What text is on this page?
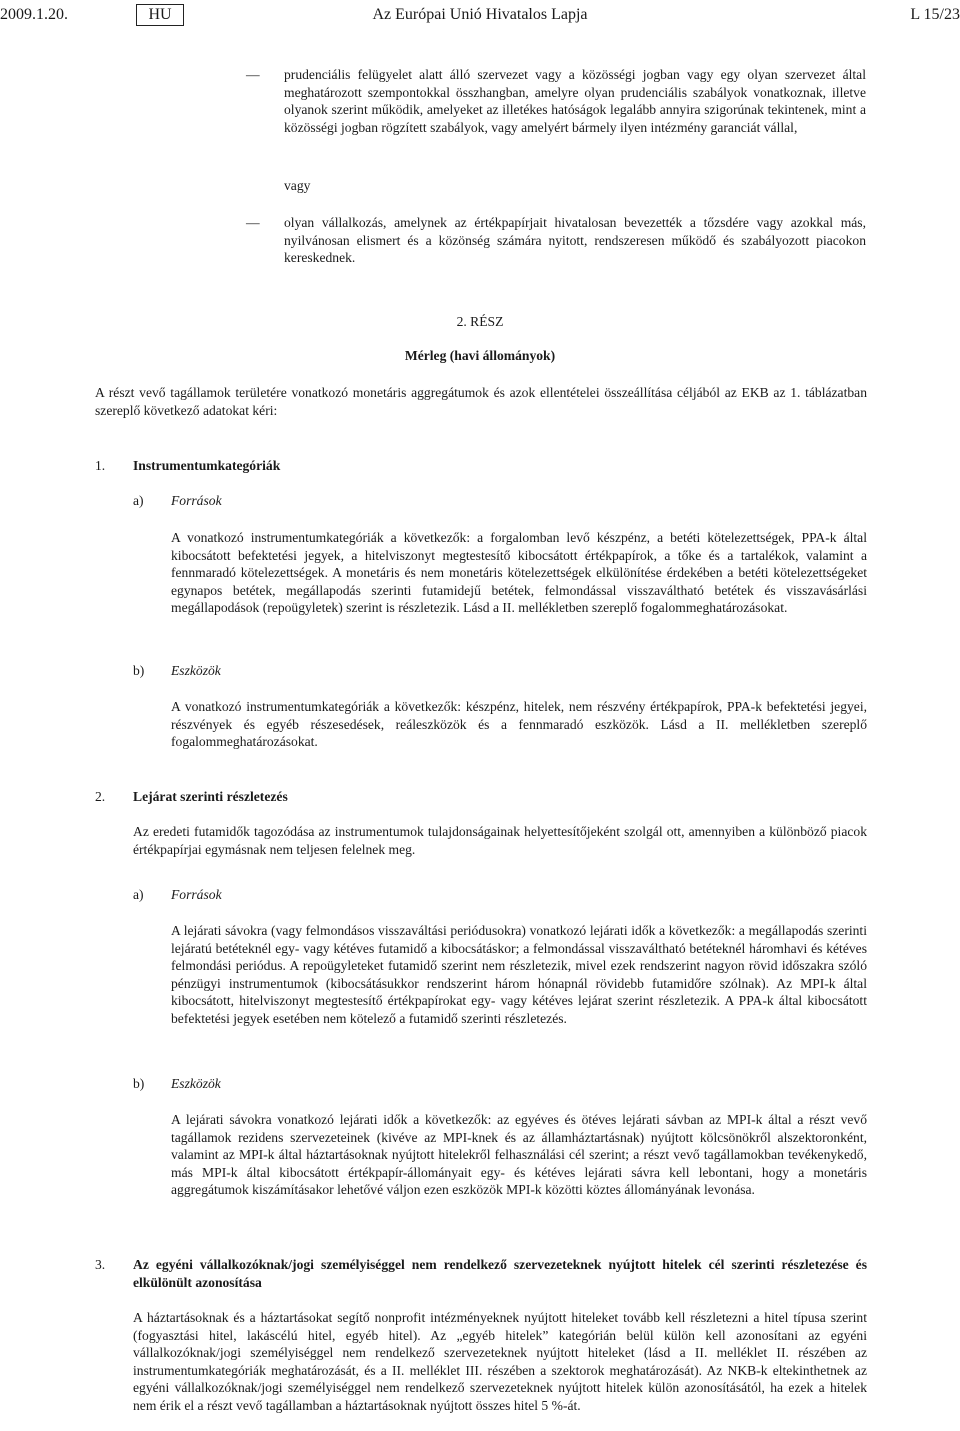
2009.1.20.	HU	Az Európai Unió Hivatalos Lapja	L 15/23
— prudenciális felügyelet alatt álló szervezet vagy a közösségi jogban vagy egy olyan szervezet által meghatározott szempontokkal összhangban, amelyre olyan prudenciális szabályok vonatkoznak, illetve olyanok szerint működik, amelyeket az illetékes hatóságok legalább annyira szigorúnak tekintenek, mint a közösségi jogban rögzített szabályok, vagy amelyért bármely ilyen intézmény garanciát vállal,

vagy
— olyan vállalkozás, amelynek az értékpapírjait hivatalosan bevezették a tőzsdére vagy azokkal más, nyilvánosan elismert és a közönség számára nyitott, rendszeresen működő és szabályozott piacokon kereskednek.

2. RÉSZ
Mérleg (havi állományok)
A részt vevő tagállamok területére vonatkozó monetáris aggregátumok és azok ellentételei összeállítása céljából az EKB az 1. táblázatban szereplő következő adatokat kéri:
1. Instrumentumkategóriák
a) Források
A vonatkozó instrumentumkategóriák a következők: a forgalomban levő készpénz, a betéti kötelezettségek, PPA-k által kibocsátott befektetési jegyek, a hitelviszonyt megtestesítő kibocsátott értékpapírok, a tőke és a tartalékok, valamint a fennmaradó kötelezettségek. A monetáris és nem monetáris kötelezettségek elkülönítése érdekében a betéti kötelezettségeket egynapos betétek, megállapodás szerinti futamidejű betétek, felmondással visszaváltható betétek és visszavásárlási megállapodások (repoügyletek) szerint is részletezik. Lásd a II. mellékletben szereplő fogalommeghatározásokat.
b) Eszközök
A vonatkozó instrumentumkategóriák a következők: készpénz, hitelek, nem részvény értékpapírok, PPA-k befektetési jegyei, részvények és egyéb részesedések, reáleszközök és a fennmaradó eszközök. Lásd a II. mellékletben szereplő fogalommeghatározásokat.
2. Lejárat szerinti részletezés
Az eredeti futamidők tagozódása az instrumentumok tulajdonságainak helyettesítőjeként szolgál ott, amennyiben a különböző piacok értékpapírjai egymásnak nem teljesen felelnek meg.
a) Források
A lejárati sávokra (vagy felmondásos visszaváltási periódusokra) vonatkozó lejárati idők a következők: a megállapodás szerinti lejáratú betéteknél egy- vagy kétéves futamidő a kibocsátáskor; a felmondással visszaváltható betéteknél háromhavi és kétéves felmondási periódus. A repoügyleteket futamidő szerint nem részletezik, mivel ezek rendszerint nagyon rövid időszakra szóló pénzügyi instrumentumok (kibocsátásukkor rendszerint három hónapnál rövidebb futamidőre szólnak). Az MPI-k által kibocsátott, hitelviszonyt megtestesítő értékpapírokat egy- vagy kétéves lejárat szerint részletezik. A PPA-k által kibocsátott befektetési jegyek esetében nem kötelező a futamidő szerinti részletezés.
b) Eszközök
A lejárati sávokra vonatkozó lejárati idők a következők: az egyéves és ötéves lejárati sávban az MPI-k által a részt vevő tagállamok rezidens szervezeteinek (kivéve az MPI-knek és az államháztartásnak) nyújtott kölcsönökről alszektoronként, valamint az MPI-k által háztartásoknak nyújtott hitelekről felhasználási cél szerint; a részt vevő tagállamokban tevékenykedő, más MPI-k által kibocsátott értékpapír-állományait egy- és kétéves lejárati sávra kell lebontani, hogy a monetáris aggregátumok kiszámításakor lehetővé váljon ezen eszközök MPI-k közötti köztes állományának levonása.
3. Az egyéni vállalkozóknak/jogi személyiséggel nem rendelkező szervezeteknek nyújtott hitelek cél szerinti részletezése és elkülönült azonosítása
A háztartásoknak és a háztartásokat segítő nonprofit intézményeknek nyújtott hiteleket tovább kell részletezni a hitel típusa szerint (fogyasztási hitel, lakáscélú hitel, egyéb hitel). Az „egyéb hitelek” kategórián belül külön kell azonosítani az egyéni vállalkozóknak/jogi személyiséggel nem rendelkező szervezeteknek nyújtott hiteleket (lásd a II. melléklet II. részében az instrumentumkategóriák meghatározását, és a II. melléklet III. részében a szektorok meghatározását). Az NKB-k eltekinthetnek az egyéni vállalkozóknak/jogi személyiséggel nem rendelkező szervezeteknek nyújtott hitelek külön azonosításától, ha ezek a hitelek nem érik el a részt vevő tagállamban a háztartásoknak nyújtott összes hitel 5 %-át.
